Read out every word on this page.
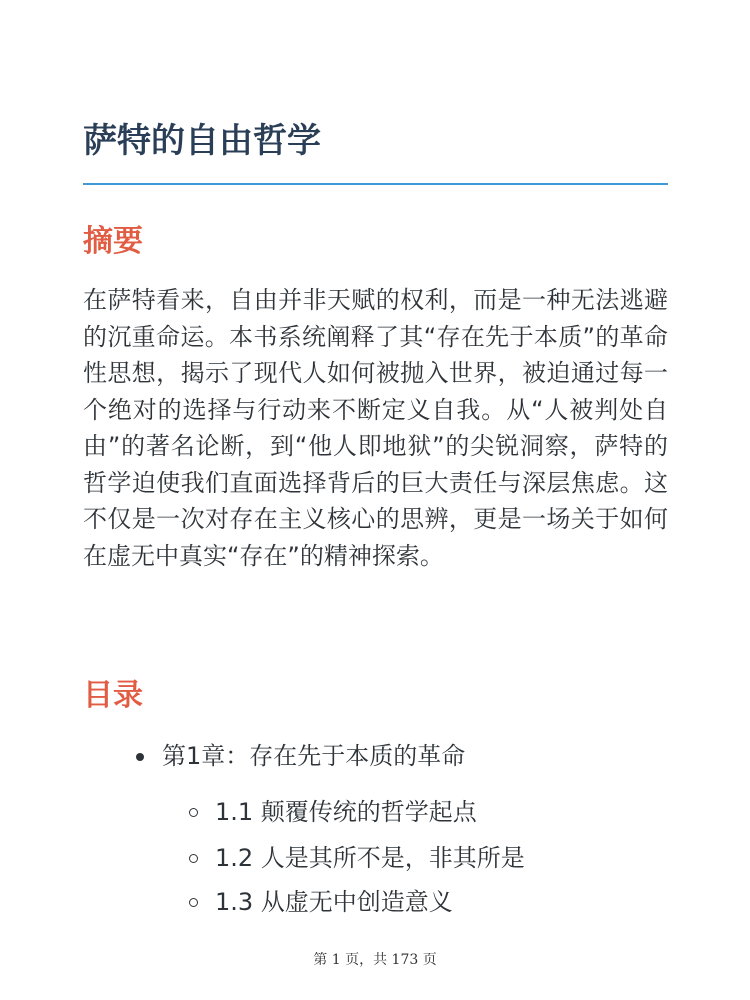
萨特的自由哲学
摘要

在萨特看来，自由并非天赋的权利，而是一种无法逃避的沉重命运。本书系统阐释了其“存在先于本质”的革命性思想，揭示了现代人如何被抛入世界，被迫通过每一个绝对的选择与行动来不断定义自我。从“人被判处自由”的著名论断，到“他人即地狱”的尖锐洞察，萨特的哲学迫使我们直面选择背后的巨大责任与深层焦虑。这不仅是一次对存在主义核心的思辨，更是一场关于如何在虚无中真实“存在”的精神探索。

目录
第1章：存在先于本质的革命
1.1 颠覆传统的哲学起点
1.2 人是其所不是，非其所是
1.3 从虚无中创造意义
第 1 页，共 173 页
